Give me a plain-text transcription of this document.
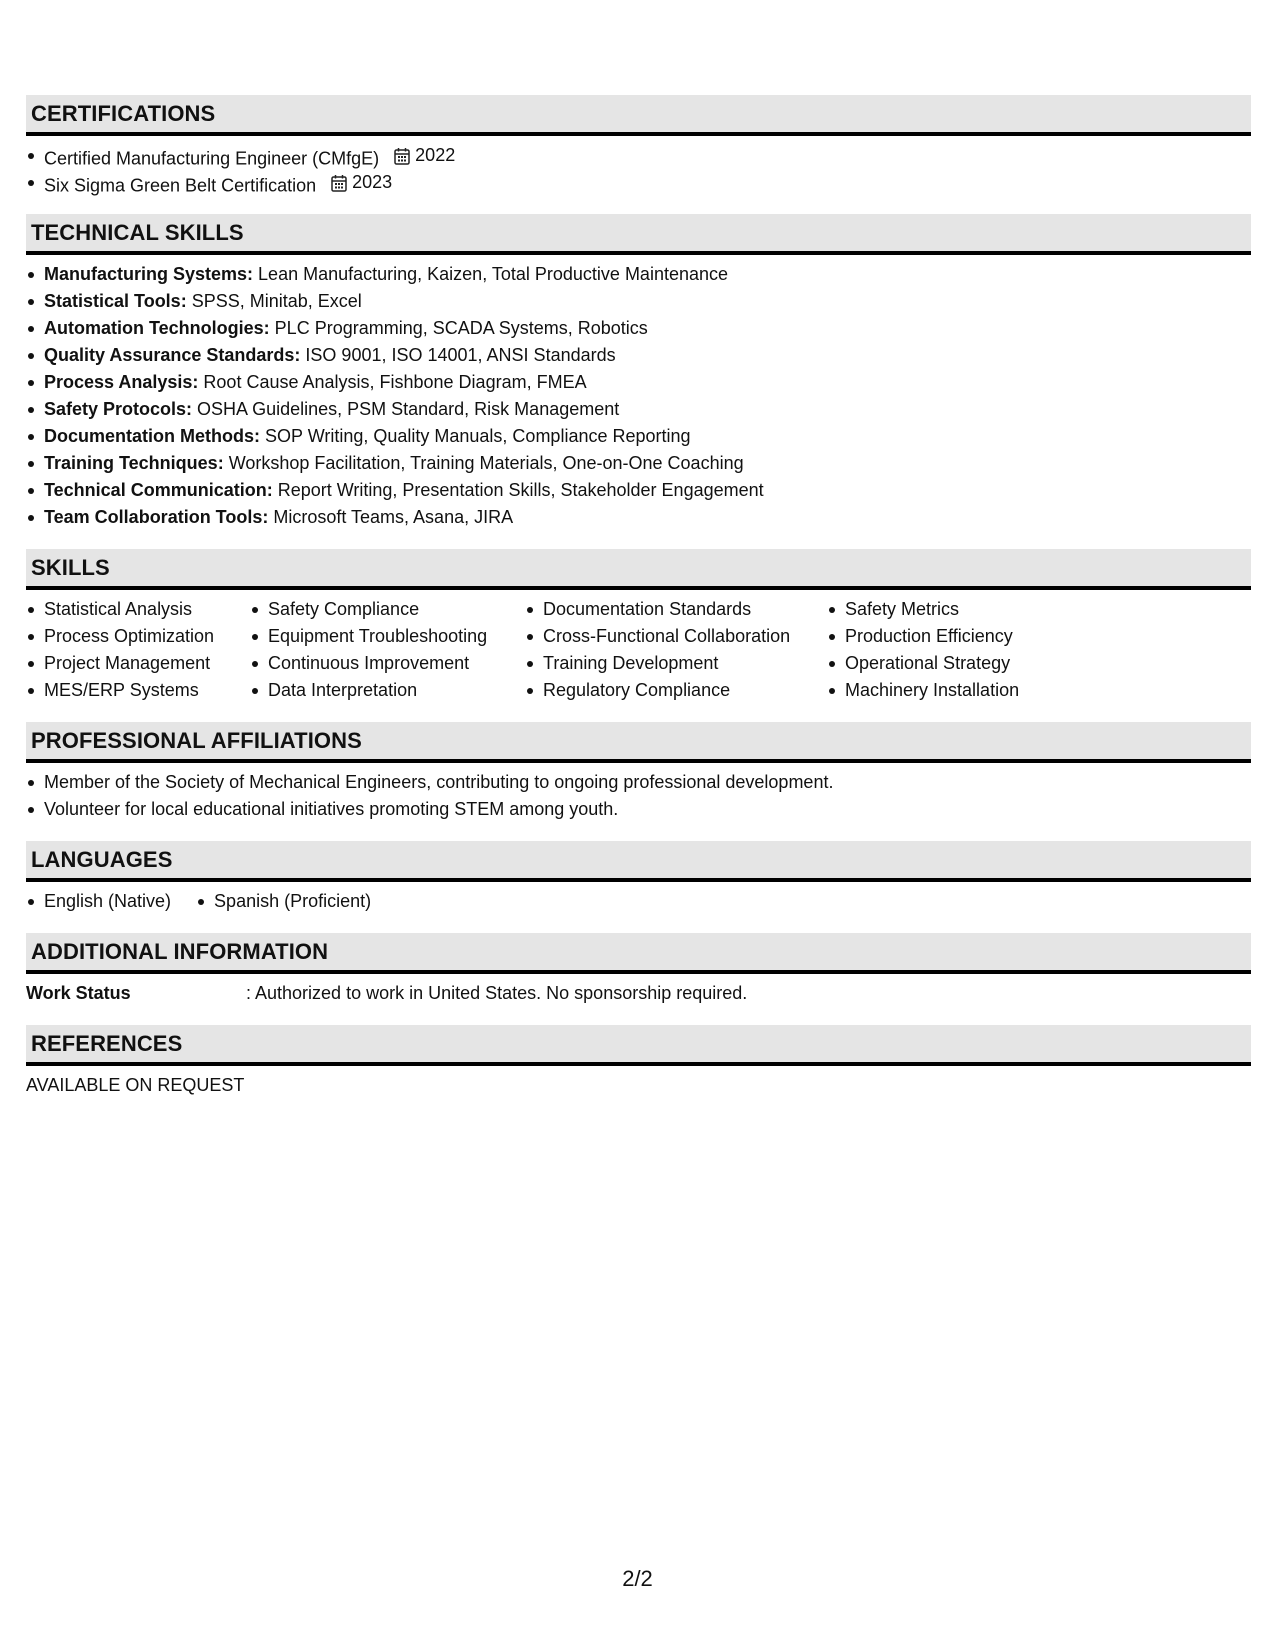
CERTIFICATIONS
Certified Manufacturing Engineer (CMfgE) 2022
Six Sigma Green Belt Certification 2023
TECHNICAL SKILLS
Manufacturing Systems: Lean Manufacturing, Kaizen, Total Productive Maintenance
Statistical Tools: SPSS, Minitab, Excel
Automation Technologies: PLC Programming, SCADA Systems, Robotics
Quality Assurance Standards: ISO 9001, ISO 14001, ANSI Standards
Process Analysis: Root Cause Analysis, Fishbone Diagram, FMEA
Safety Protocols: OSHA Guidelines, PSM Standard, Risk Management
Documentation Methods: SOP Writing, Quality Manuals, Compliance Reporting
Training Techniques: Workshop Facilitation, Training Materials, One-on-One Coaching
Technical Communication: Report Writing, Presentation Skills, Stakeholder Engagement
Team Collaboration Tools: Microsoft Teams, Asana, JIRA
SKILLS
Statistical Analysis
Process Optimization
Project Management
MES/ERP Systems
Safety Compliance
Equipment Troubleshooting
Continuous Improvement
Data Interpretation
Documentation Standards
Cross-Functional Collaboration
Training Development
Regulatory Compliance
Safety Metrics
Production Efficiency
Operational Strategy
Machinery Installation
PROFESSIONAL AFFILIATIONS
Member of the Society of Mechanical Engineers, contributing to ongoing professional development.
Volunteer for local educational initiatives promoting STEM among youth.
LANGUAGES
English (Native)	Spanish (Proficient)
ADDITIONAL INFORMATION
Work Status
:	Authorized to work in United States. No sponsorship required.
REFERENCES
AVAILABLE ON REQUEST
2/2
